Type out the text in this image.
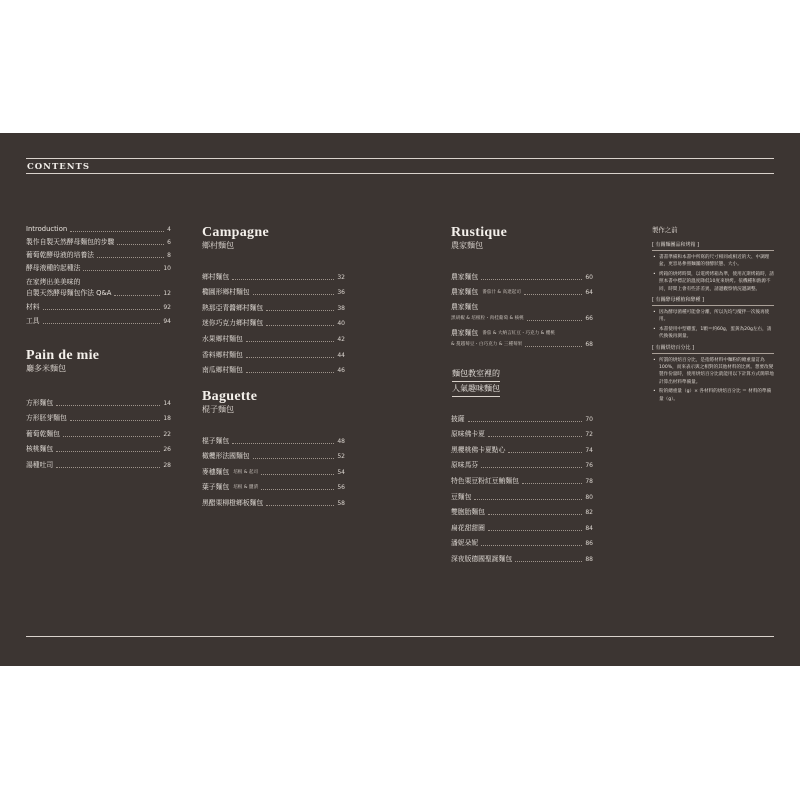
CONTENTS
Introduction	4
製作自製天然酵母麵包的步驟	6
葡萄乾酵母液的培養法	8
酵母液種的起種法	10
在家烤出美美味的
自製天然酵母麵包作法 Q&A	12
材料	92
工具	94
Pain de mie
廳多米麵包
方形麵包	14
方形胚芽麵包	18
葡萄乾麵包	22
核桃麵包	26
湯種吐司	28
Campagne
鄉村麵包
鄉村麵包	32
橢圓形鄉村麵包	36
熱那亞青醬鄉村麵包	38
迷你巧克力鄉村麵包	40
水果鄉村麵包	42
香料鄉村麵包	44
南瓜鄉村麵包	46
Baguette
棍子麵包
棍子麵包	48
橄欖形法國麵包	52
麥穗麵包 培根 & 起司	54
葉子麵包 培根 & 鹽漬	56
黑醋栗柳橙鄉板麵包	58
Rustique
農家麵包
農家麵包	60
農家麵包 番茄汁 & 高達起司	64
農家麵包
黑胡椒 & 培根粒・肉桂葡萄 & 核桃	66
農家麵包 番茄 & 大納言紅豆・巧克力 & 櫻桃
& 蔓越莓豆・白巧克力 & 三種莓果	68
麵包教室裡的
人氣趣味麵包
披薩	70
原味佛卡夏	72
黑櫻桃佛卡夏點心	74
原味馬芬	76
特色栗豆粉紅豆鮪麵包	78
豆麵包	80
雙胞胎麵包	82
扁花甜甜圈	84
潘妮朵妮	86
深夜版德國聖誕麵包	88
製作之前
[ 有關麵團品和烤箱 ]
• 書書準備和本書中所寫的尺寸相同或相近的大、中調理盆，更容易參照麵團的發酵狀態、大小。
• 烤箱的烘烤時間，以電烤烤箱為準，使用瓦斯烤箱時，請照本書中標記的溫度降低10度來烘烤。依機種和熱源不同，時間上會有些許差異，請邊觀察情況邊調整。
[ 有關酵母種植和酵種 ]
• 因為酵母菌種可能會分離，所以先均勻攪拌一次後再使用。
• 本書使用中型雞蛋，1顆＝約60g，蛋黃為20g左右，請代換後再測量。
[ 有關烘焙百分比 ]
• 所謂的烘焙百分比，是指將材料中麵粉的總重量訂為100%，而來表示與之相對的其他材料的比例。想要改變製作份量時，使用烘焙百分比就能用以下計算方式簡單地計算出材料準備量。
• 粉的總重量（g）× 各材料的烘焙百分比 ＝ 材料的準備量（g）。
